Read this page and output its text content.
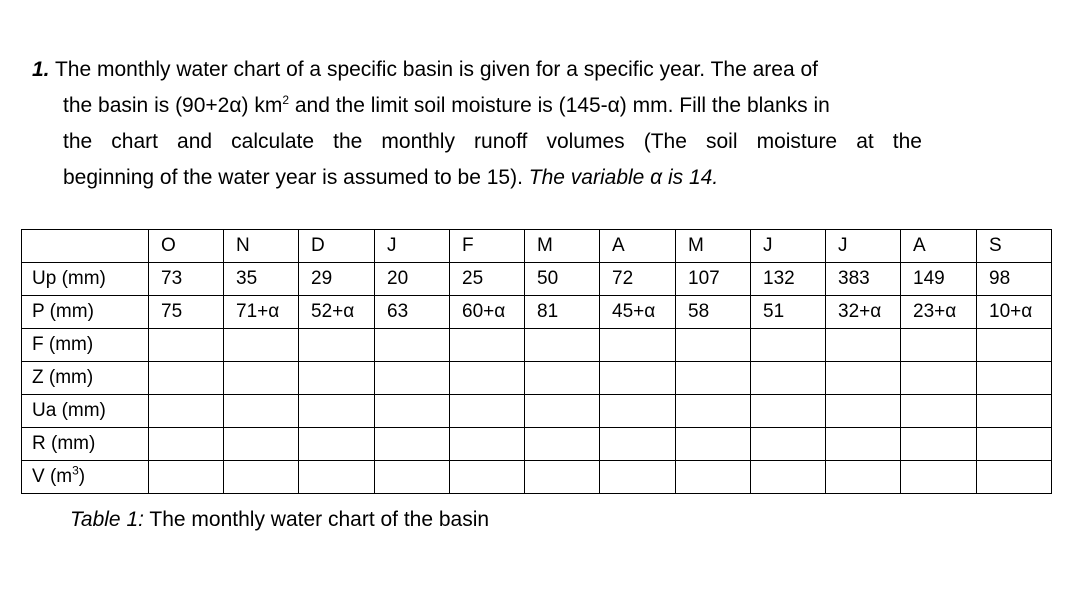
1. The monthly water chart of a specific basin is given for a specific year. The area of

the basin is (90+2α) $km^2$ and the limit soil moisture is (145-α) mm. Fill the blanks in

the chart and calculate the monthly runoff volumes (The soil moisture at the

beginning of the water year is assumed to be 15). The variable α is 14.

	O	N	D	J	F	M	A	M	J	J	A	S
Up (mm)	73	35	29	20	25	50	72	107	132	383	149	98
P (mm)	75	71+α	52+α	63	60+α	81	45+α	58	51	32+α	23+α	10+α
F (mm)												
Z (mm)												
Ua (mm)												
R (mm)												
V $(m^3)$												
Table 1: The monthly water chart of the basin
